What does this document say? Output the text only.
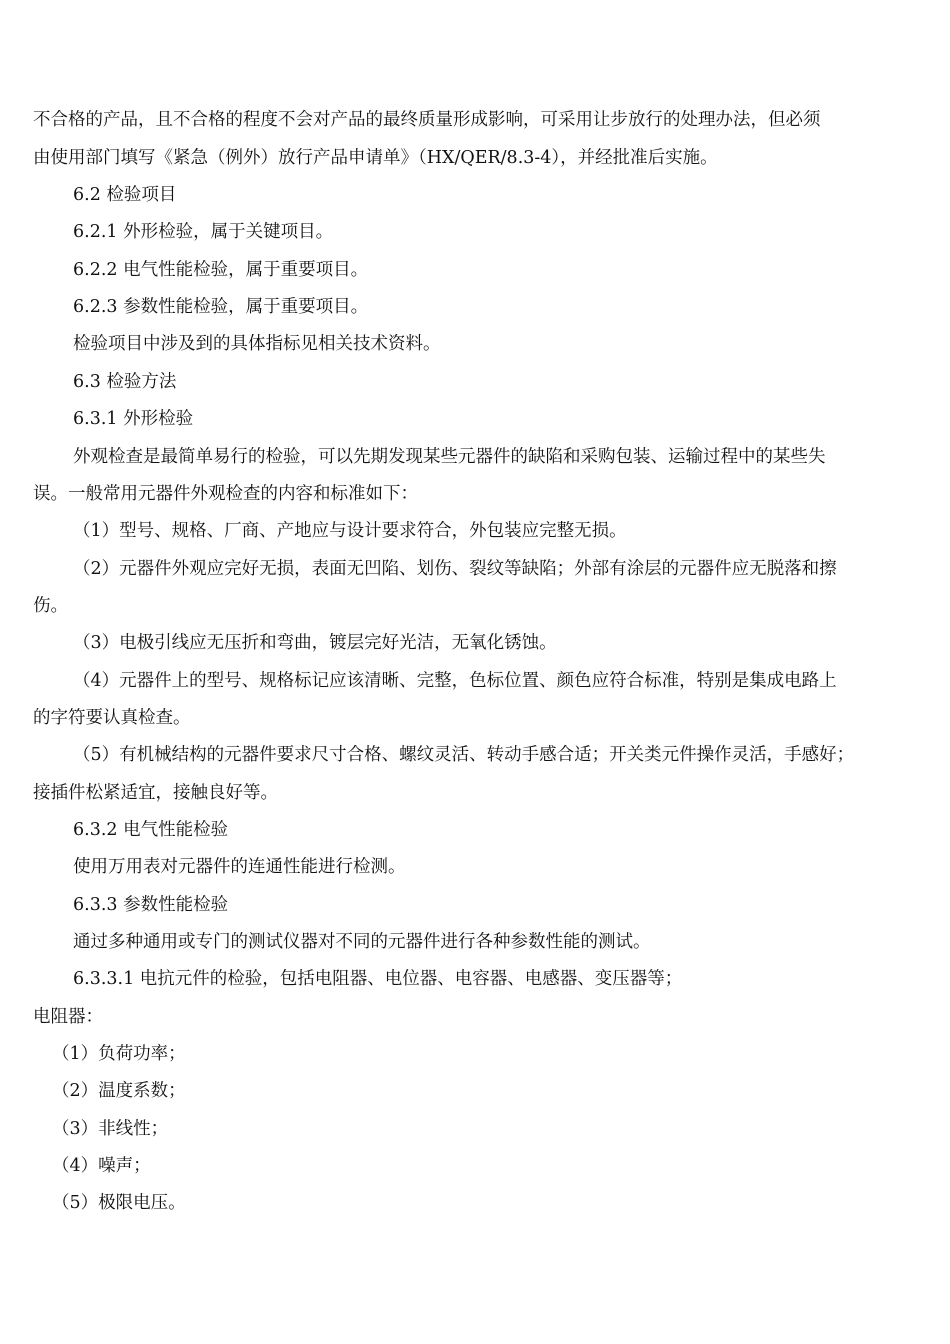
不合格的产品，且不合格的程度不会对产品的最终质量形成影响，可采用让步放行的处理办法，但必须

由使用部门填写《紧急（例外）放行产品申请单》（HX/QER/8.3-4），并经批准后实施。

6.2 检验项目

6.2.1 外形检验，属于关键项目。

6.2.2 电气性能检验，属于重要项目。

6.2.3 参数性能检验，属于重要项目。

检验项目中涉及到的具体指标见相关技术资料。

6.3 检验方法

6.3.1 外形检验

外观检查是最简单易行的检验，可以先期发现某些元器件的缺陷和采购包装、运输过程中的某些失

误。一般常用元器件外观检查的内容和标准如下：

（1）型号、规格、厂商、产地应与设计要求符合，外包装应完整无损。

（2）元器件外观应完好无损，表面无凹陷、划伤、裂纹等缺陷；外部有涂层的元器件应无脱落和擦

伤。

（3）电极引线应无压折和弯曲，镀层完好光洁，无氧化锈蚀。

（4）元器件上的型号、规格标记应该清晰、完整，色标位置、颜色应符合标准，特别是集成电路上

的字符要认真检查。

（5）有机械结构的元器件要求尺寸合格、螺纹灵活、转动手感合适；开关类元件操作灵活，手感好；

接插件松紧适宜，接触良好等。

6.3.2 电气性能检验

使用万用表对元器件的连通性能进行检测。

6.3.3 参数性能检验

通过多种通用或专门的测试仪器对不同的元器件进行各种参数性能的测试。

6.3.3.1 电抗元件的检验，包括电阻器、电位器、电容器、电感器、变压器等；

电阻器：

（1）负荷功率；

（2）温度系数；

（3）非线性；

（4）噪声；

（5）极限电压。
